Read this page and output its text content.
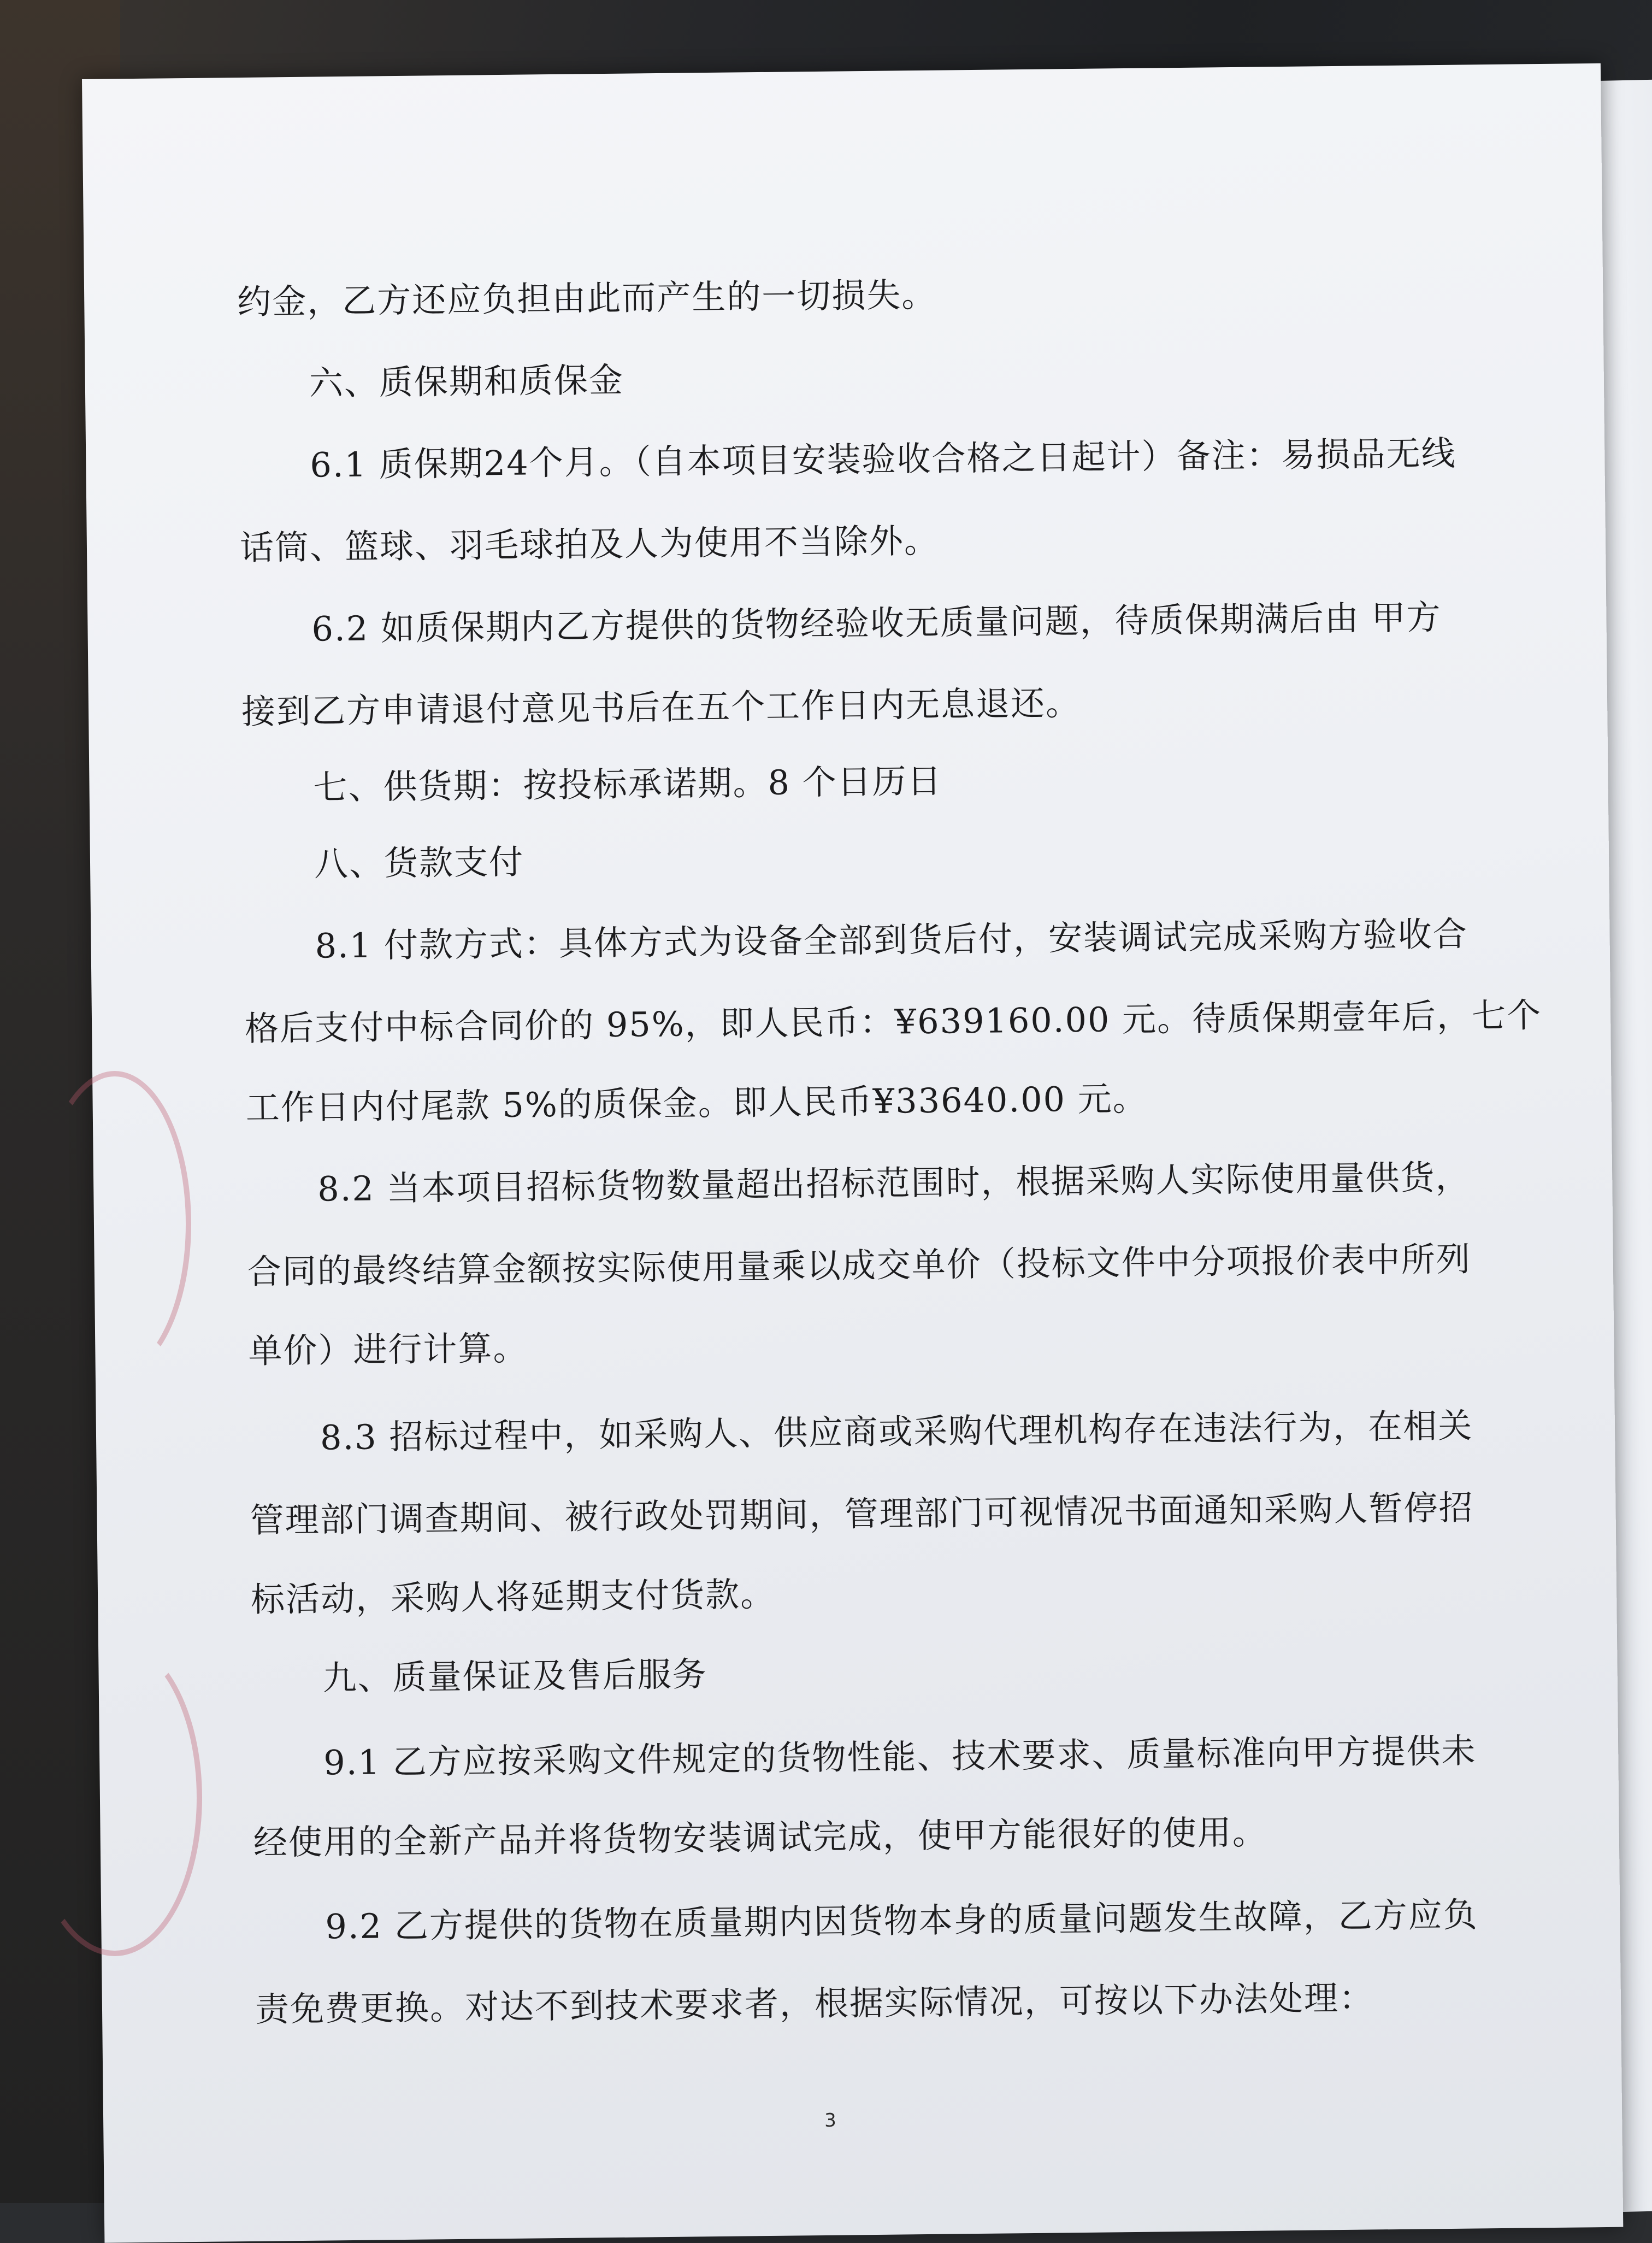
约金，乙方还应负担由此而产生的一切损失。
六、质保期和质保金
6.1 质保期24个月。（自本项目安装验收合格之日起计）备注：易损品无线
话筒、篮球、羽毛球拍及人为使用不当除外。
6.2 如质保期内乙方提供的货物经验收无质量问题，待质保期满后由 甲方
接到乙方申请退付意见书后在五个工作日内无息退还。
七、供货期：按投标承诺期。8 个日历日
八、货款支付
8.1 付款方式：具体方式为设备全部到货后付，安装调试完成采购方验收合
格后支付中标合同价的 95%，即人民币：¥639160.00 元。待质保期壹年后，七个
工作日内付尾款 5%的质保金。即人民币¥33640.00 元。
8.2 当本项目招标货物数量超出招标范围时，根据采购人实际使用量供货，
合同的最终结算金额按实际使用量乘以成交单价（投标文件中分项报价表中所列
单价）进行计算。
8.3 招标过程中，如采购人、供应商或采购代理机构存在违法行为，在相关
管理部门调查期间、被行政处罚期间，管理部门可视情况书面通知采购人暂停招
标活动，采购人将延期支付货款。
九、质量保证及售后服务
9.1 乙方应按采购文件规定的货物性能、技术要求、质量标准向甲方提供未
经使用的全新产品并将货物安装调试完成，使甲方能很好的使用。
9.2 乙方提供的货物在质量期内因货物本身的质量问题发生故障，乙方应负
责免费更换。对达不到技术要求者，根据实际情况，可按以下办法处理：
3
